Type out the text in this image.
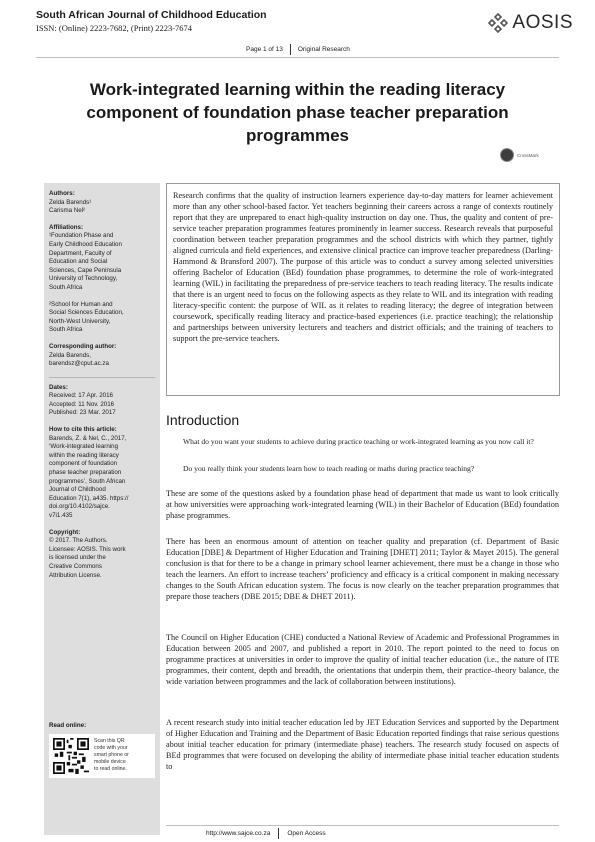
South African Journal of Childhood Education
ISSN: (Online) 2223-7682, (Print) 2223-7674	AOSIS
Page 1 of 13 Original Research
Work-integrated learning within the reading literacy
component of foundation phase teacher preparation
programmes
CrossMark
Authors:
Zelda Barends¹
Carisma Nel²
Affiliations:
¹Foundation Phase and
Early Childhood Education
Department, Faculty of
Education and Social
Sciences, Cape Peninsula
University of Technology,
South Africa
²School for Human and
Social Sciences Education,
North-West University,
South Africa
Corresponding author:
Zelda Barends,
barendsz@cput.ac.za
Dates:
Received: 17 Apr. 2016
Accepted: 11 Nov. 2016
Published: 23 Mar. 2017
How to cite this article:
Barends, Z. & Nel, C., 2017,
‘Work-integrated learning
within the reading literacy
component of foundation
phase teacher preparation
programmes’, South African
Journal of Childhood
Education 7(1), a435. https://
doi.org/10.4102/sajce.
v7i1.435
Copyright:
© 2017. The Authors.
Licensee: AOSIS. This work
is licensed under the
Creative Commons
Attribution License.
Read online:
Scan this QR
code with your
smart phone or
mobile device
to read online.
Research confirms that the quality of instruction learners experience day-to-day matters for learner achievement more than any other school-based factor. Yet teachers beginning their careers across a range of contexts routinely report that they are unprepared to enact high-quality instruction on day one. Thus, the quality and content of pre-service teacher preparation programmes features prominently in learner success. Research reveals that purposeful coordination between teacher preparation programmes and the school districts with which they partner, tightly aligned curricula and field experiences, and extensive clinical practice can improve teacher preparedness (Darling-Hammond & Bransford 2007). The purpose of this article was to conduct a survey among selected universities offering Bachelor of Education (BEd) foundation phase programmes, to determine the role of work-integrated learning (WIL) in facilitating the preparedness of pre-service teachers to teach reading literacy. The results indicate that there is an urgent need to focus on the following aspects as they relate to WIL and its integration with reading literacy-specific content: the purpose of WIL as it relates to reading literacy; the degree of integration between coursework, specifically reading literacy and practice-based experiences (i.e. practice teaching); the relationship and partnerships between university lecturers and teachers and district officials; and the training of teachers to support the pre-service teachers.
Introduction
What do you want your students to achieve during practice teaching or work-integrated learning as you now call it?
Do you really think your students learn how to teach reading or maths during practice teaching?
These are some of the questions asked by a foundation phase head of department that made us want to look critically at how universities were approaching work-integrated learning (WIL) in their Bachelor of Education (BEd) foundation phase programmes.
There has been an enormous amount of attention on teacher quality and preparation (cf. Department of Basic Education [DBE] & Department of Higher Education and Training [DHET] 2011; Taylor & Mayet 2015). The general conclusion is that for there to be a change in primary school learner achievement, there must be a change in those who teach the learners. An effort to increase teachers’ proficiency and efficacy is a critical component in making necessary changes to the South African education system. The focus is now clearly on the teacher preparation programmes that prepare those teachers (DBE 2015; DBE & DHET 2011).
The Council on Higher Education (CHE) conducted a National Review of Academic and Professional Programmes in Education between 2005 and 2007, and published a report in 2010. The report pointed to the need to focus on programme practices at universities in order to improve the quality of initial teacher education (i.e., the nature of ITE programmes, their content, depth and breadth, the orientations that underpin them, their practice–theory balance, the wide variation between programmes and the lack of collaboration between institutions).
A recent research study into initial teacher education led by JET Education Services and supported by the Department of Higher Education and Training and the Department of Basic Education reported findings that raise serious questions about initial teacher education for primary (intermediate phase) teachers. The research study focused on aspects of BEd programmes that were focused on developing the ability of intermediate phase initial teacher education students to
http://www.sajce.co.za	Open Access
